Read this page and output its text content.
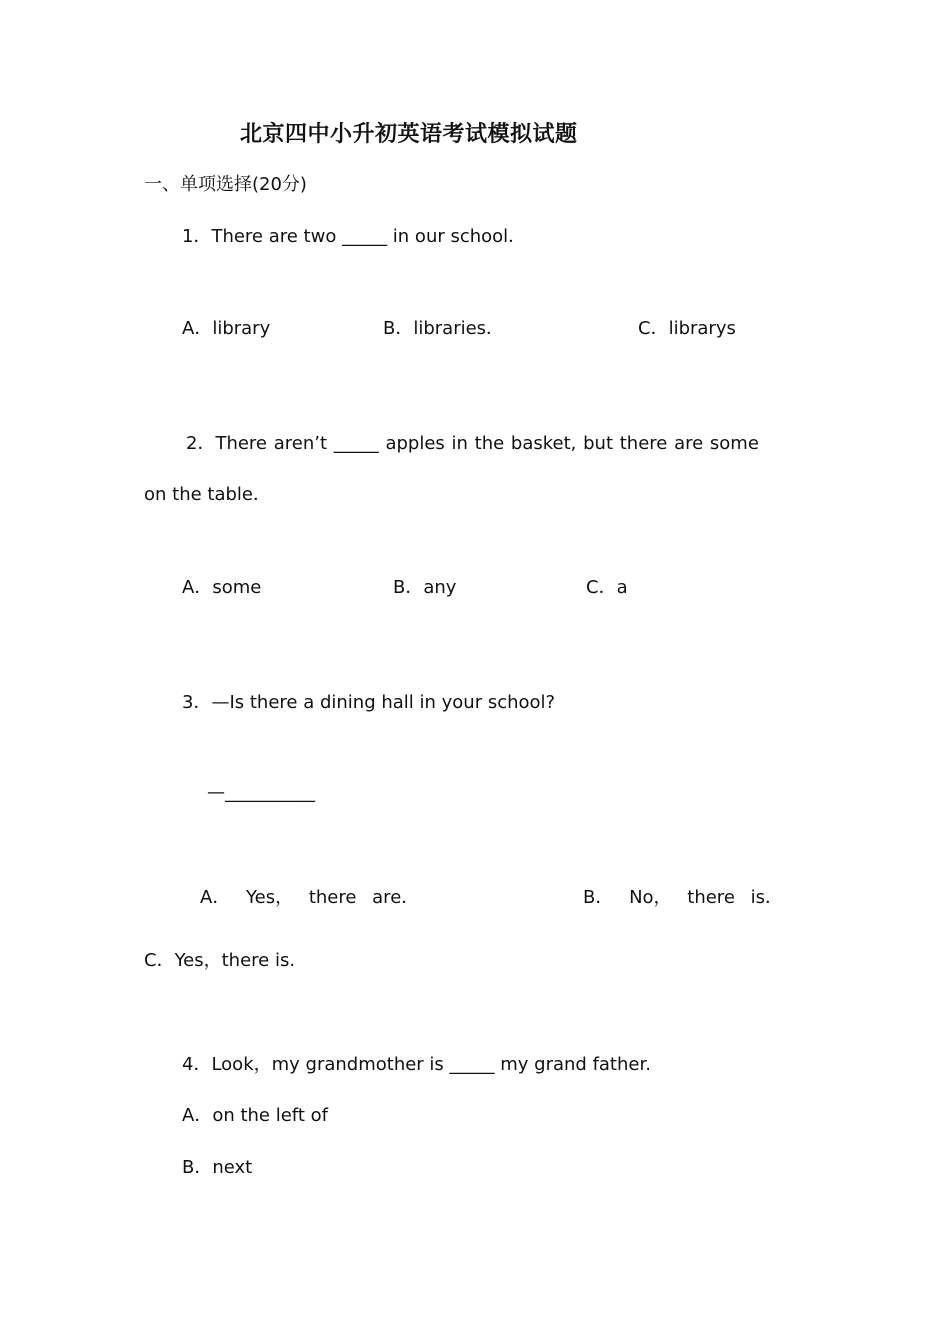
北京四中小升初英语考试模拟试题
一、单项选择(20分)
1．There are two _____ in our school．
A．library	B．libraries．	C．librarys
2．There aren’t _____ apples in the basket, but there are some
on the table．
A．some	B．any	C．a
3．—Is there a dining hall in your school?
—__________
A． Yes， there are．	B． No， there is．
C．Yes，there is.
4．Look，my grandmother is _____ my grand father.
A．on the left of
B．next
